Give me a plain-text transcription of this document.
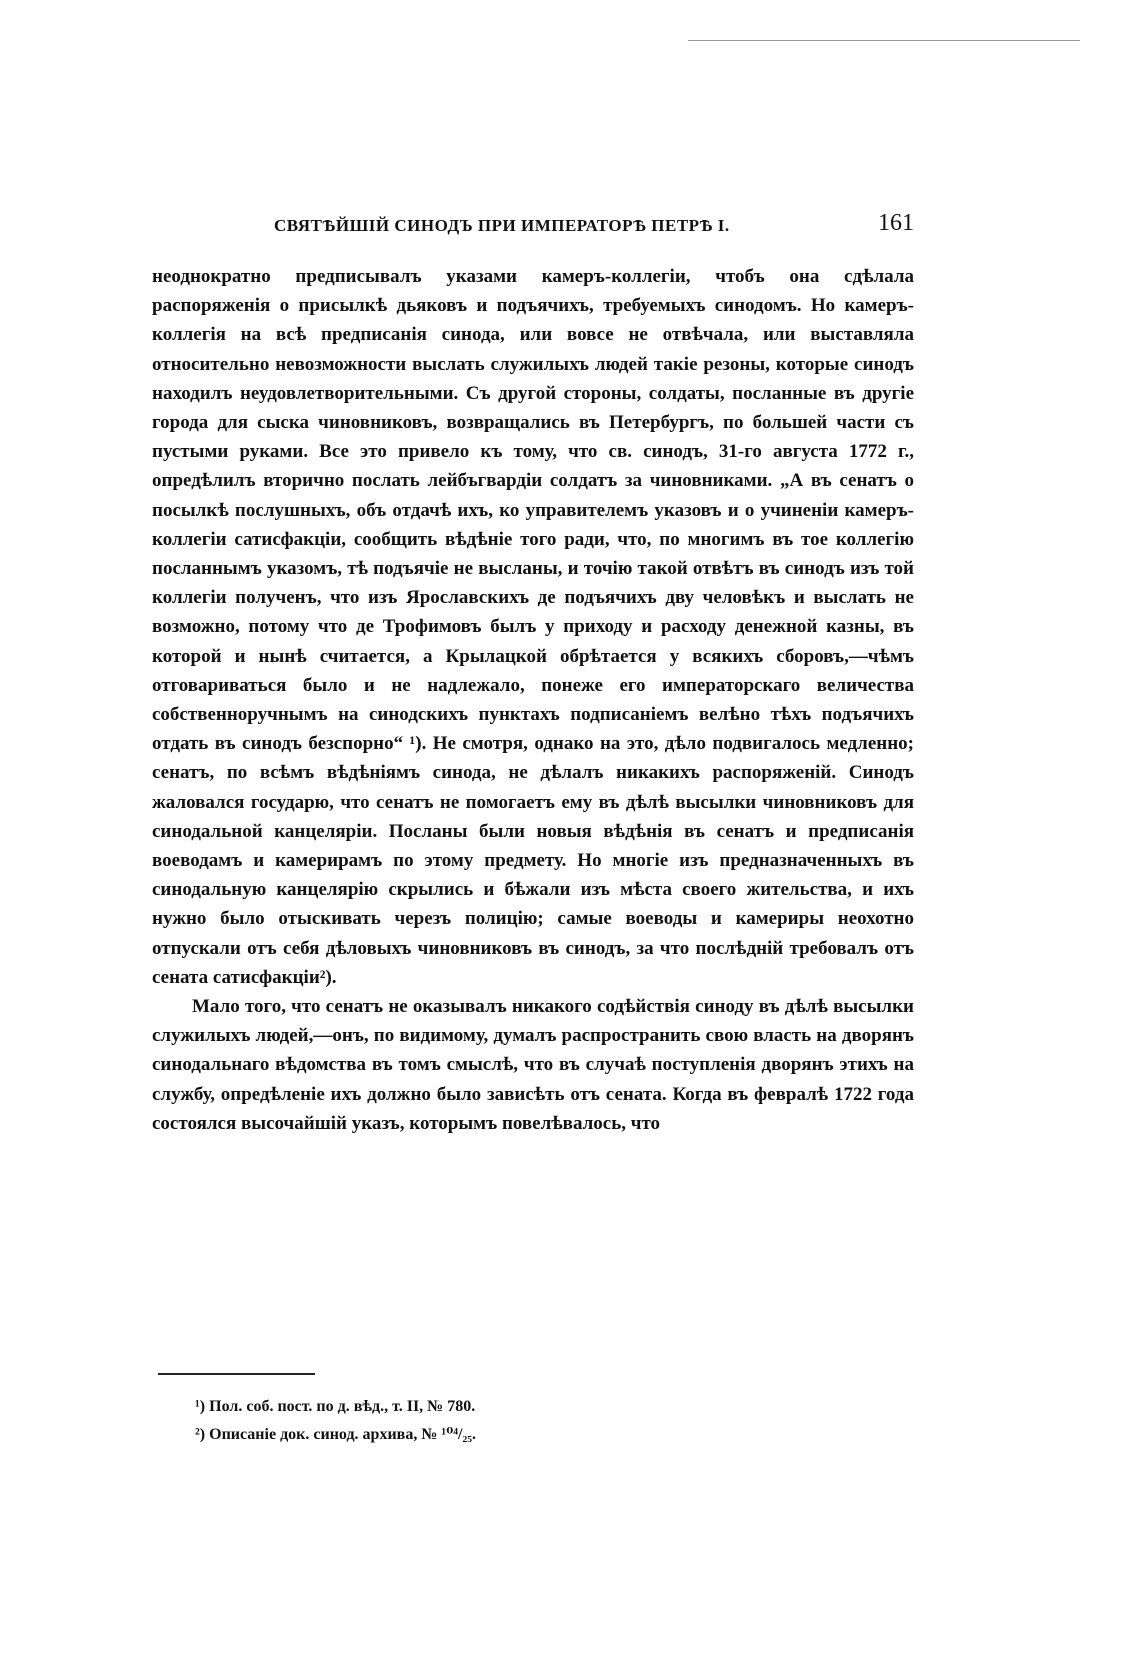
СВЯТѢЙШІЙ СИНОДЪ ПРИ ИМПЕРАТОРѢ ПЕТРѢ I.	161

неоднократно предписывалъ указами камеръ-коллегіи, чтобъ она сдѣлала распоряженія о присылкѣ дьяковъ и подъячихъ, требуемыхъ синодомъ. Но камеръ-коллегія на всѣ предписанія синода, или вовсе не отвѣчала, или выставляла относительно невозможности выслать служилыхъ людей такіе резоны, которые синодъ находилъ неудовлетворительными. Съ другой стороны, солдаты, посланные въ другіе города для сыска чиновниковъ, возвращались въ Петербургъ, по большей части съ пустыми руками. Все это привело къ тому, что св. синодъ, 31-го августа 1772 г., опредѣлилъ вторично послать лейбъгвардіи солдатъ за чиновниками. „А въ сенатъ о посылкѣ послушныхъ, объ отдачѣ ихъ, ко управителемъ указовъ и о учиненіи камеръ-коллегіи сатисфакціи, сообщить вѣдѣніе того ради, что, по многимъ въ тое коллегію посланнымъ указомъ, тѣ подъячіе не высланы, и точію такой отвѣтъ въ синодъ изъ той коллегіи полученъ, что изъ Ярославскихъ де подъячихъ дву человѣкъ и выслать не возможно, потому что де Трофимовъ былъ у приходу и расходу денежной казны, въ которой и нынѣ считается, а Крылацкой обрѣтается у всякихъ сборовъ,—чѣмъ отговариваться было и не надлежало, понеже его императорскаго величества собственноручнымъ на синодскихъ пунктахъ подписаніемъ велѣно тѣхъ подъячихъ отдать въ синодъ безспорно“ ¹). Не смотря, однако на это, дѣло подвигалось медленно; сенатъ, по всѣмъ вѣдѣніямъ синода, не дѣлалъ никакихъ распоряженій. Синодъ жаловался государю, что сенатъ не помогаетъ ему въ дѣлѣ высылки чиновниковъ для синодальной канцеляріи. Посланы были новыя вѣдѣнія въ сенатъ и предписанія воеводамъ и камерирамъ по этому предмету. Но многіе изъ предназначенныхъ въ синодальную канцелярію скрылись и бѣжали изъ мѣста своего жительства, и ихъ нужно было отыскивать черезъ полицію; самые воеводы и камериры неохотно отпускали отъ себя дѣловыхъ чиновниковъ въ синодъ, за что послѣдній требовалъ отъ сената сатисфакціи²).

Мало того, что сенатъ не оказывалъ никакого содѣйствія синоду въ дѣлѣ высылки служилыхъ людей,—онъ, по видимому, думалъ распространить свою власть на дворянъ синодальнаго вѣдомства въ томъ смыслѣ, что въ случаѣ поступленія дворянъ этихъ на службу, опредѣленіе ихъ должно было зависѣть отъ сената. Когда въ февралѣ 1722 года состоялся высочайшій указъ, которымъ повелѣвалось, что

¹) Пол. соб. пост. по д. вѣд., т. II, № 780.
²) Описаніе док. синод. архива, № ¹⁰⁴/₂₅.
